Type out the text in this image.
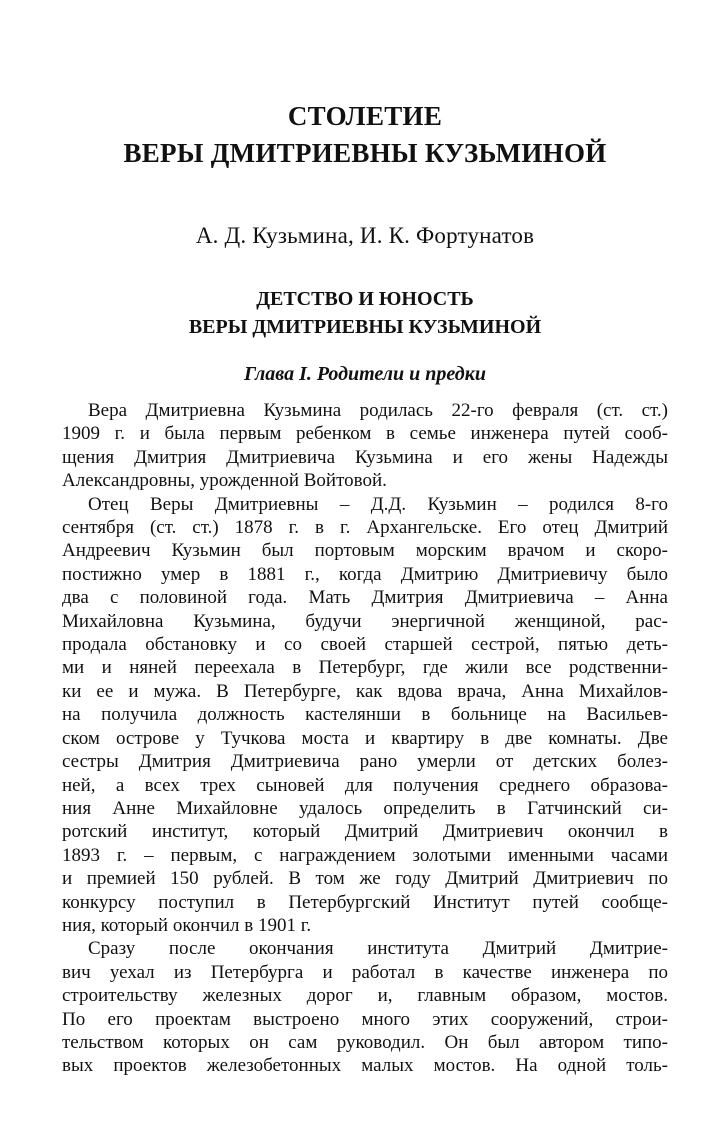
СТОЛЕТИЕ
ВЕРЫ ДМИТРИЕВНЫ КУЗЬМИНОЙ
А. Д. Кузьмина, И. К. Фортунатов
ДЕТСТВО И ЮНОСТЬ
ВЕРЫ ДМИТРИЕВНЫ КУЗЬМИНОЙ
Глава I. Родители и предки

Вера Дмитриевна Кузьмина родилась 22-го февраля (ст. ст.)

1909 г. и была первым ребенком в семье инженера путей сооб-

щения Дмитрия Дмитриевича Кузьмина и его жены Надежды

Александровны, урожденной Войтовой.

Отец Веры Дмитриевны – Д.Д. Кузьмин – родился 8-го

сентября (ст. ст.) 1878 г. в г. Архангельске. Его отец Дмитрий

Андреевич Кузьмин был портовым морским врачом и скоро-

постижно умер в 1881 г., когда Дмитрию Дмитриевичу было

два с половиной года. Мать Дмитрия Дмитриевича – Анна

Михайловна Кузьмина, будучи энергичной женщиной, рас-

продала обстановку и со своей старшей сестрой, пятью деть-

ми и няней переехала в Петербург, где жили все родственни-

ки ее и мужа. В Петербурге, как вдова врача, Анна Михайлов-

на получила должность кастелянши в больнице на Васильев-

ском острове у Тучкова моста и квартиру в две комнаты. Две

сестры Дмитрия Дмитриевича рано умерли от детских болез-

ней, а всех трех сыновей для получения среднего образова-

ния Анне Михайловне удалось определить в Гатчинский си-

ротский институт, который Дмитрий Дмитриевич окончил в

1893 г. – первым, с награждением золотыми именными часами

и премией 150 рублей. В том же году Дмитрий Дмитриевич по

конкурсу поступил в Петербургский Институт путей сообще-

ния, который окончил в 1901 г.

Сразу после окончания института Дмитрий Дмитрие-

вич уехал из Петербурга и работал в качестве инженера по

строительству железных дорог и, главным образом, мостов.

По его проектам выстроено много этих сооружений, строи-

тельством которых он сам руководил. Он был автором типо-

вых проектов железобетонных малых мостов. На одной толь-
